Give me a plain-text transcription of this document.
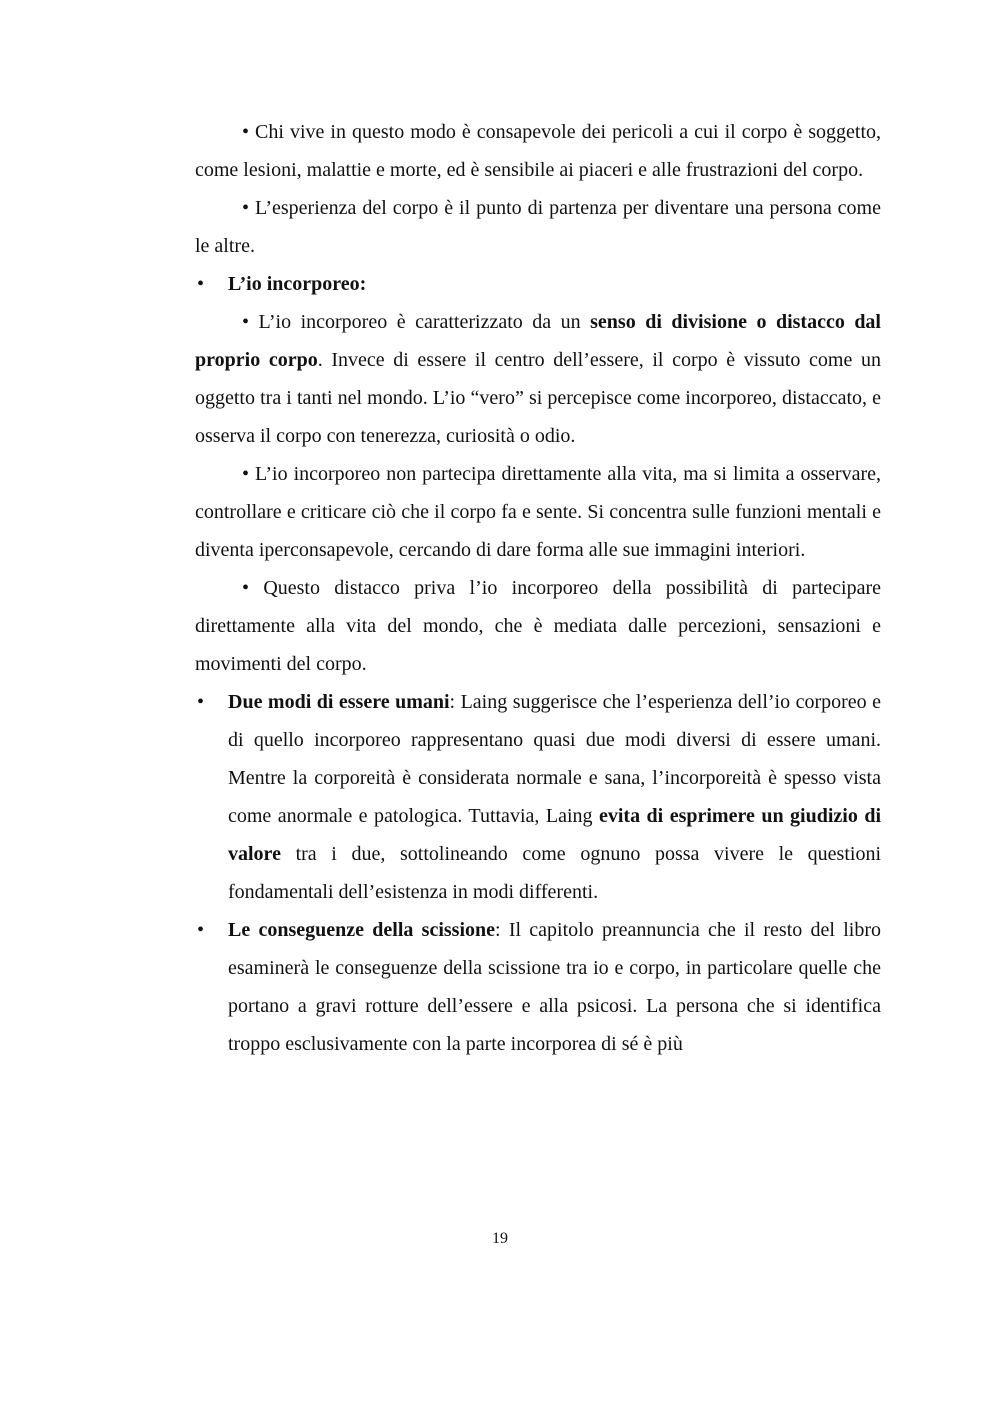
• Chi vive in questo modo è consapevole dei pericoli a cui il corpo è soggetto, come lesioni, malattie e morte, ed è sensibile ai piaceri e alle frustrazioni del corpo.

• L’esperienza del corpo è il punto di partenza per diventare una persona come le altre.

• L’io incorporeo:

• L’io incorporeo è caratterizzato da un senso di divisione o distacco dal proprio corpo. Invece di essere il centro dell’essere, il corpo è vissuto come un oggetto tra i tanti nel mondo. L’io “vero” si percepisce come incorporeo, distaccato, e osserva il corpo con tenerezza, curiosità o odio.

• L’io incorporeo non partecipa direttamente alla vita, ma si limita a osservare, controllare e criticare ciò che il corpo fa e sente. Si concentra sulle funzioni mentali e diventa iperconsapevole, cercando di dare forma alle sue immagini interiori.

• Questo distacco priva l’io incorporeo della possibilità di partecipare direttamente alla vita del mondo, che è mediata dalle percezioni, sensazioni e movimenti del corpo.

• Due modi di essere umani: Laing suggerisce che l’esperienza dell’io corporeo e di quello incorporeo rappresentano quasi due modi diversi di essere umani. Mentre la corporeità è considerata normale e sana, l’incorporeità è spesso vista come anormale e patologica. Tuttavia, Laing evita di esprimere un giudizio di valore tra i due, sottolineando come ognuno possa vivere le questioni fondamentali dell’esistenza in modi differenti.

• Le conseguenze della scissione: Il capitolo preannuncia che il resto del libro esaminerà le conseguenze della scissione tra io e corpo, in particolare quelle che portano a gravi rotture dell’essere e alla psicosi. La persona che si identifica troppo esclusivamente con la parte incorporea di sé è più

19
